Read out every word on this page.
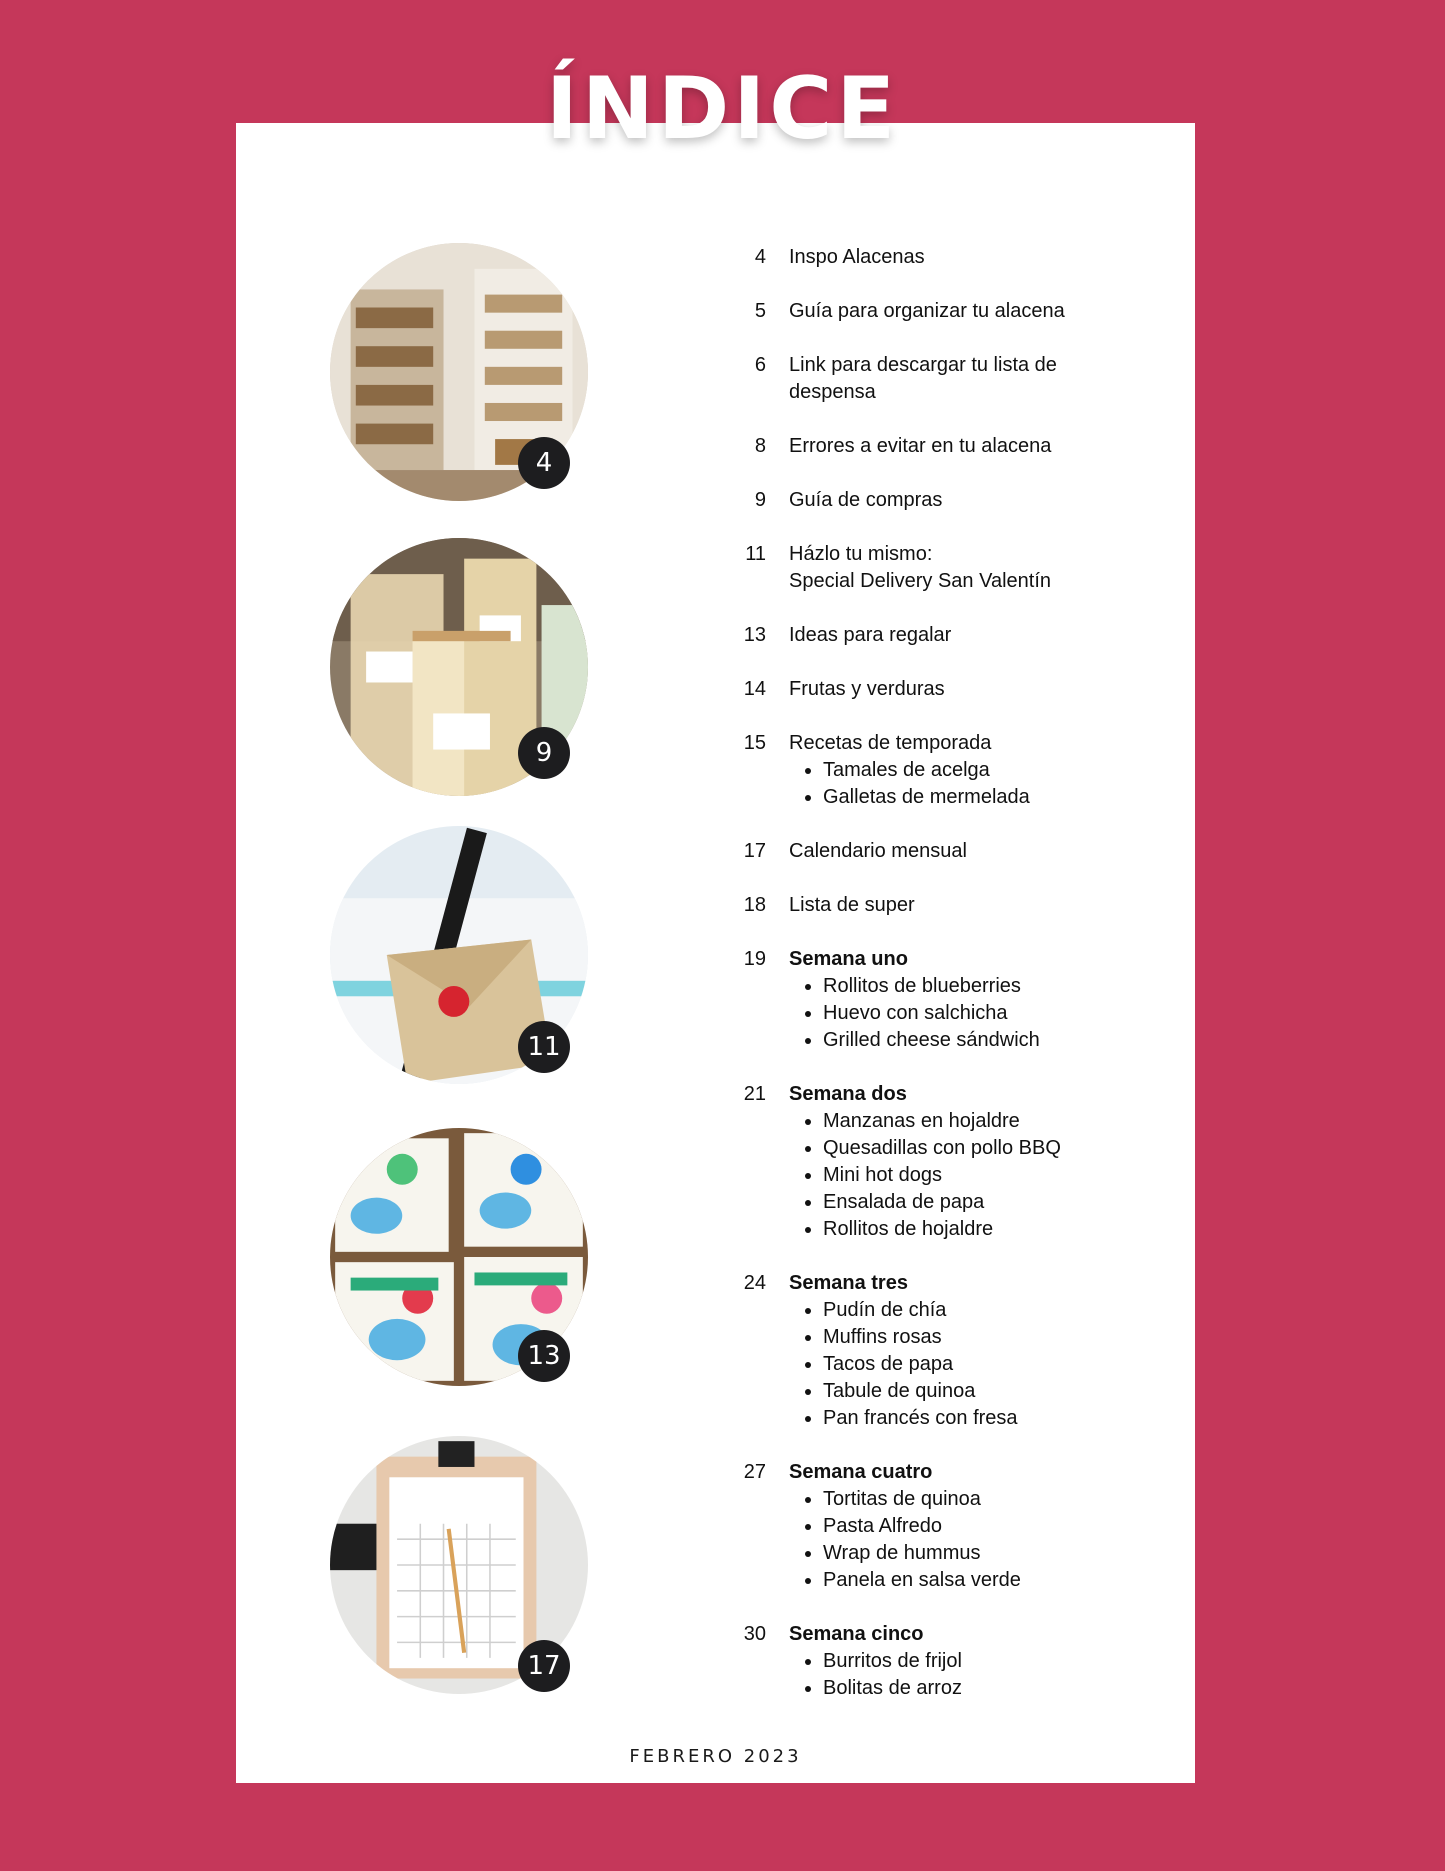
ÍNDICE
4
9
11
13
17
4	Inspo Alacenas
5	Guía para organizar tu alacena
6	Link para descargar tu lista de despensa
8	Errores a evitar en tu alacena
9	Guía de compras
11	Házlo tu mismo:
Special Delivery San Valentín
13	Ideas para regalar
14	Frutas y verduras
15	Recetas de temporada
• Tamales de acelga
• Galletas de mermelada
17	Calendario mensual
18	Lista de super
19	Semana uno
• Rollitos de blueberries
• Huevo con salchicha
• Grilled cheese sándwich
21	Semana dos
• Manzanas en hojaldre
• Quesadillas con pollo BBQ
• Mini hot dogs
• Ensalada de papa
• Rollitos de hojaldre
24	Semana tres
• Pudín de chía
• Muffins rosas
• Tacos de papa
• Tabule de quinoa
• Pan francés con fresa
27	Semana cuatro
• Tortitas de quinoa
• Pasta Alfredo
• Wrap de hummus
• Panela en salsa verde
30	Semana cinco
• Burritos de frijol
• Bolitas de arroz
FEBRERO 2023
